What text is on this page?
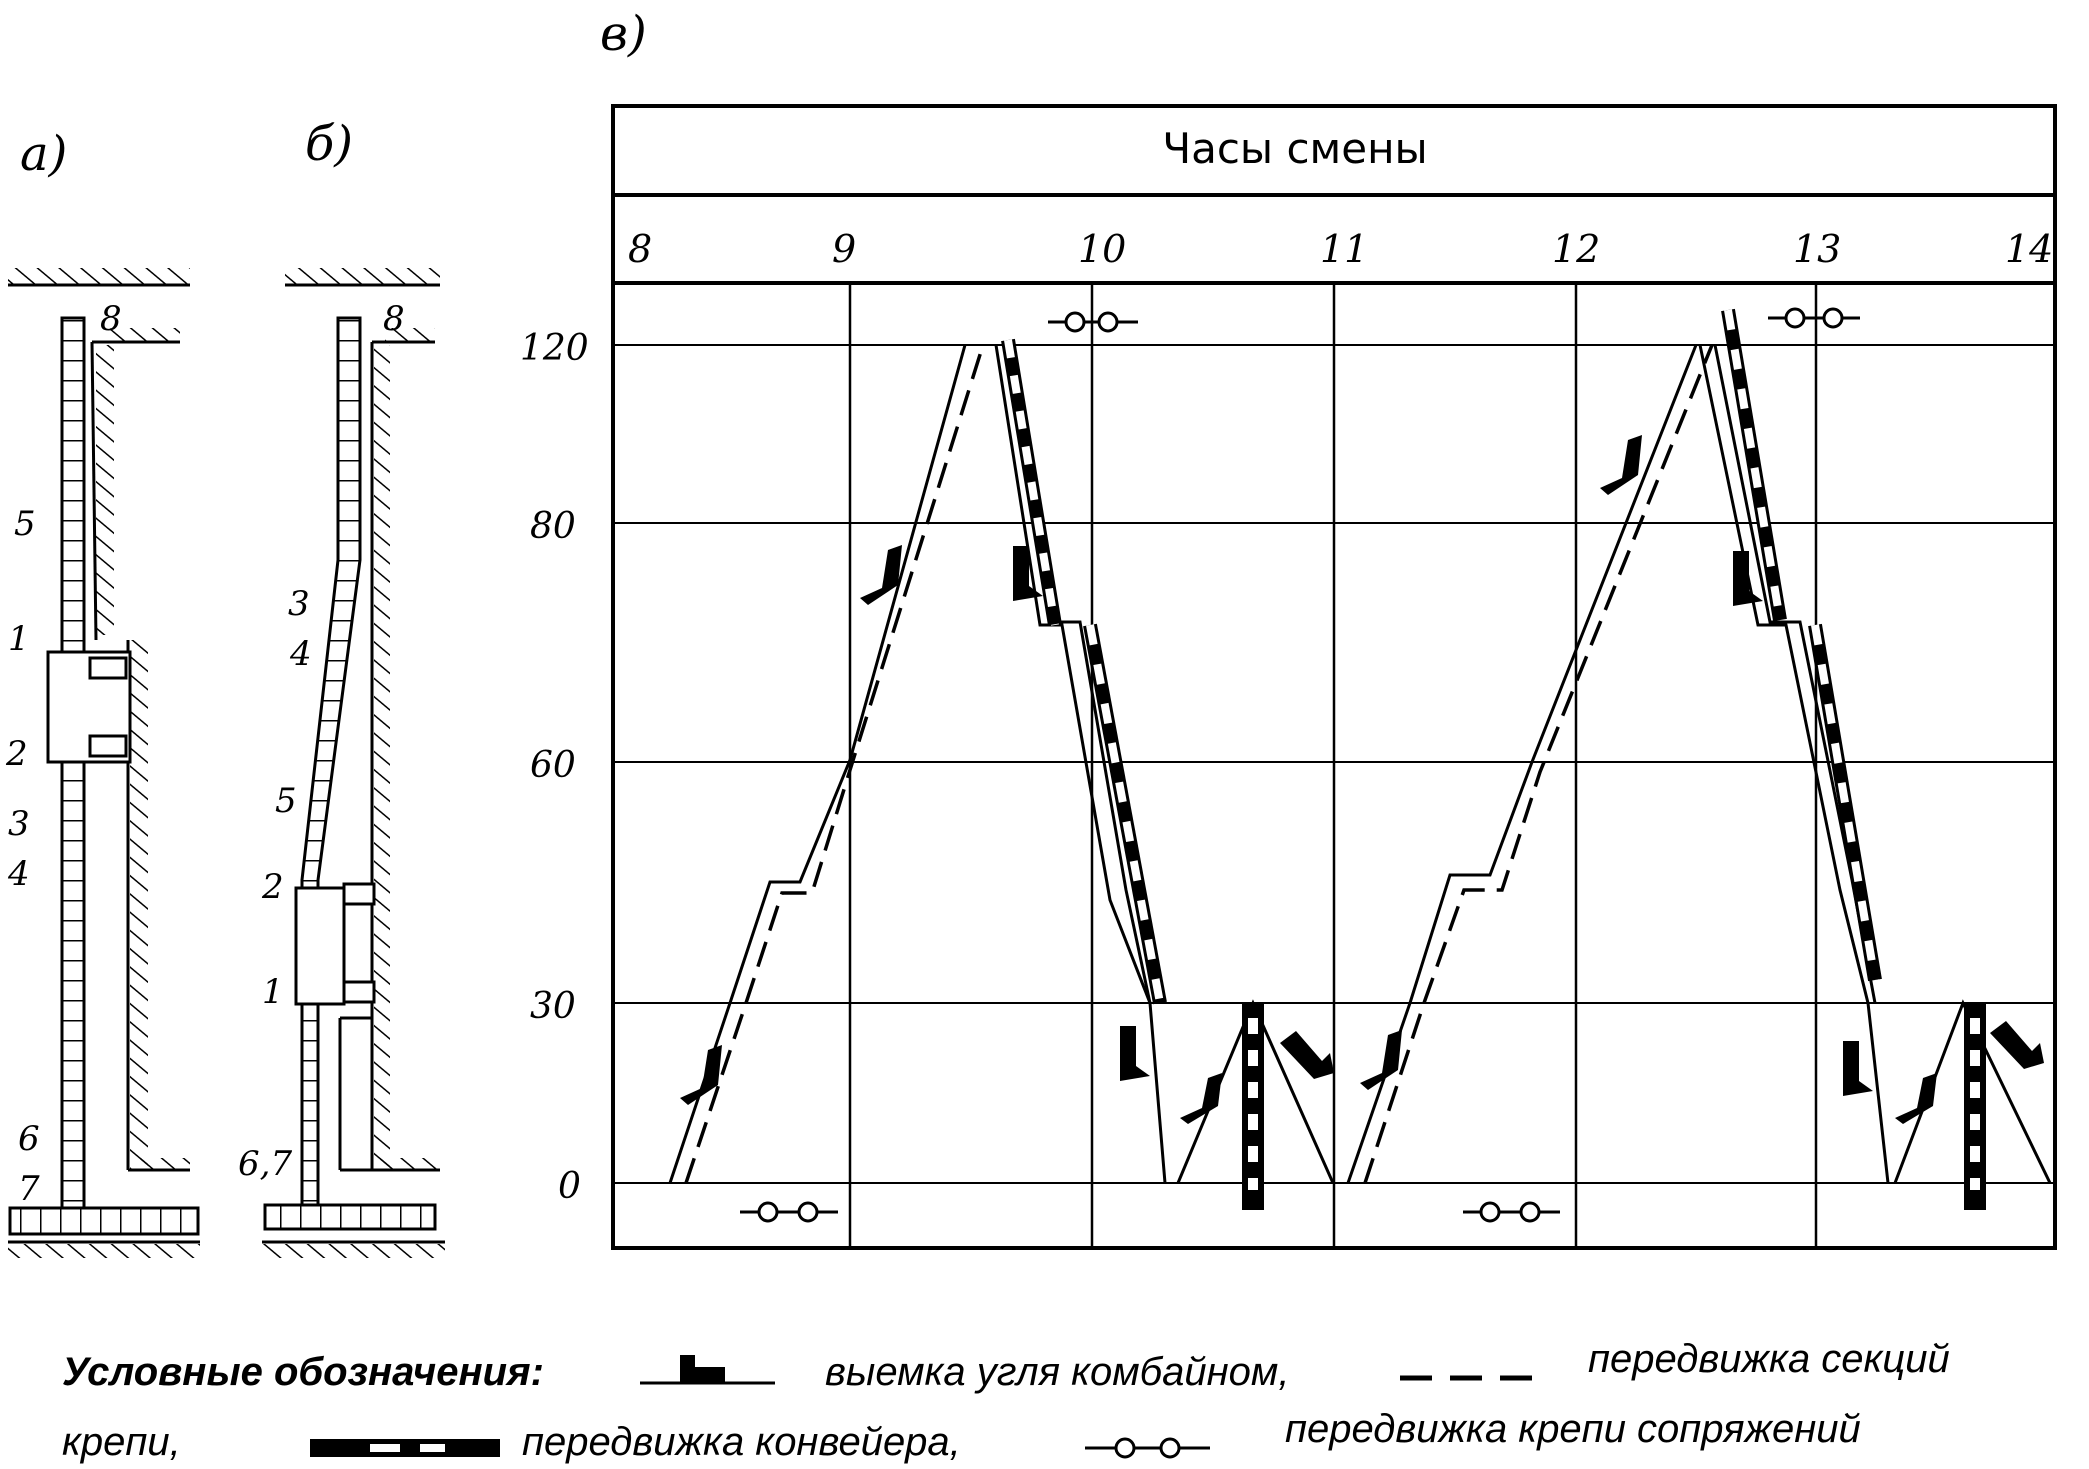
а)
8
5
1
2
3
4
6
7
б)
8
3
4
5
2
1
6,7
в)
Часы смены
8	9	10	11	12	13	14
120
80
60
30
0
Условные обозначения:	выемка угля комбайном,	передвижка секций
крепи,	передвижка конвейера,	передвижка крепи сопряжений
